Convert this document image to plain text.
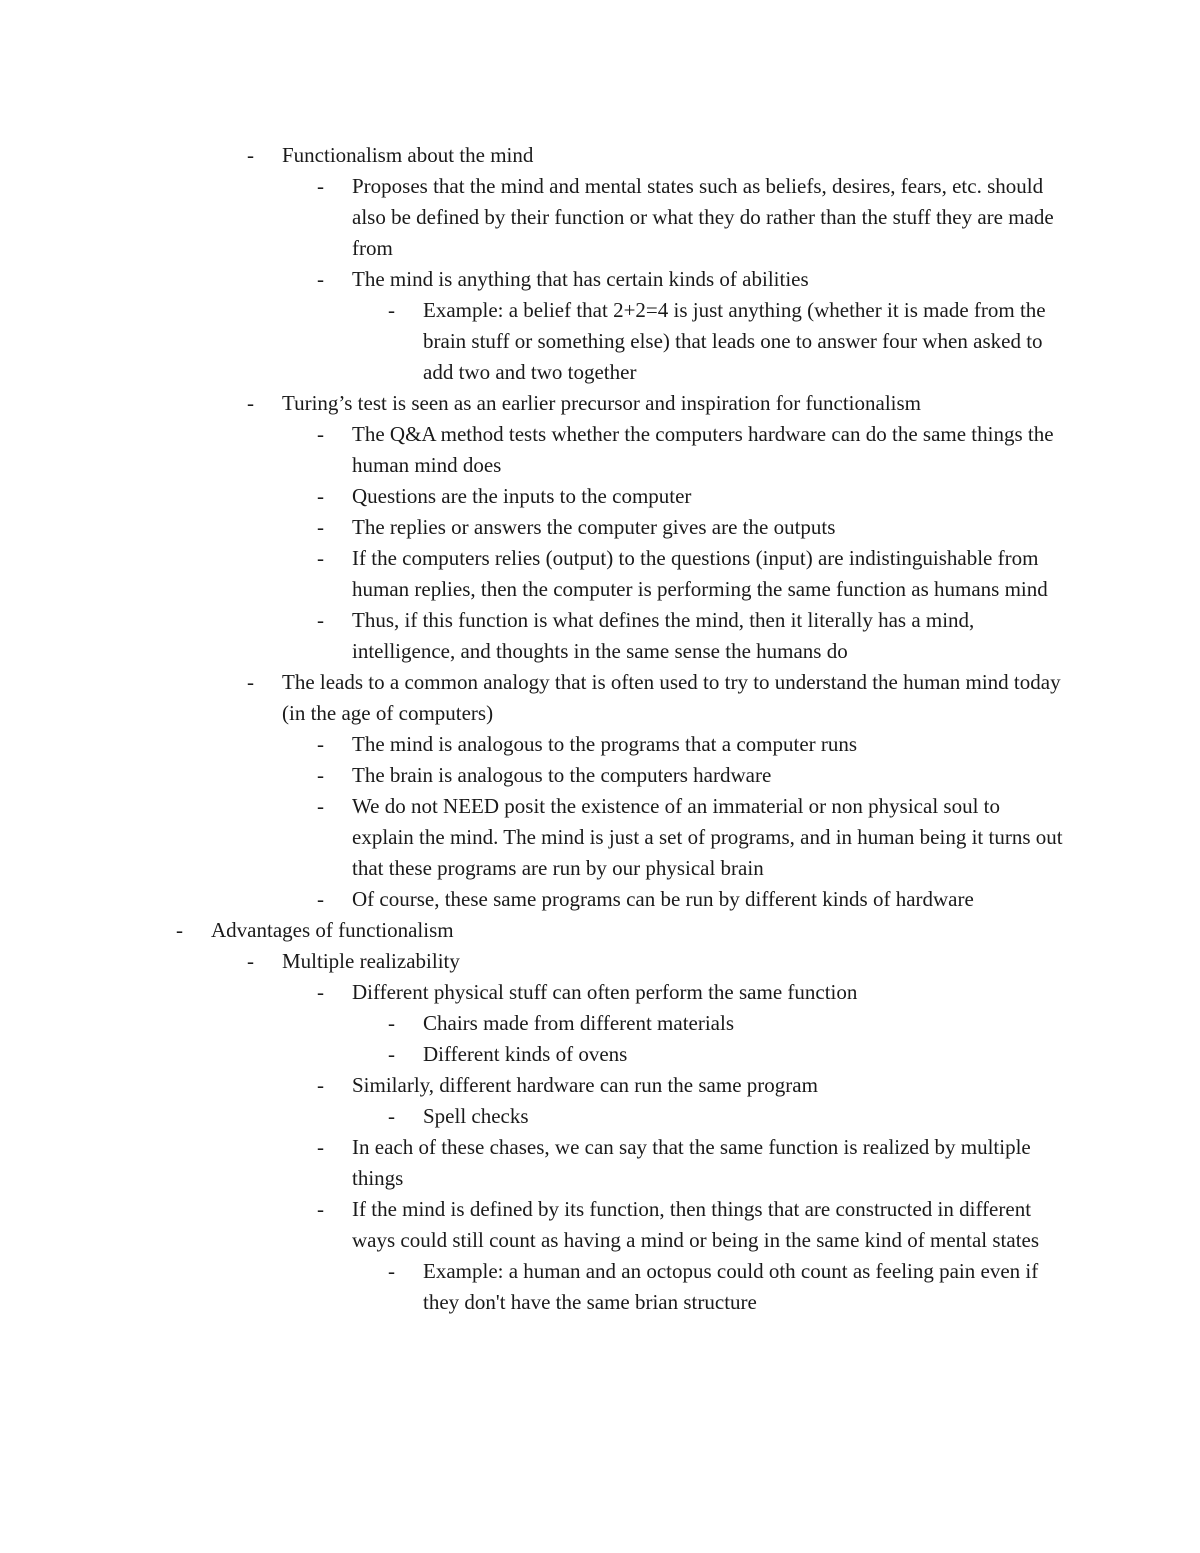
- Functionalism about the mind
- Proposes that the mind and mental states such as beliefs, desires, fears, etc. should also be defined by their function or what they do rather than the stuff they are made from
- The mind is anything that has certain kinds of abilities
- Example: a belief that 2+2=4 is just anything (whether it is made from the brain stuff or something else) that leads one to answer four when asked to add two and two together
- Turing’s test is seen as an earlier precursor and inspiration for functionalism
- The Q&A method tests whether the computers hardware can do the same things the human mind does
- Questions are the inputs to the computer
- The replies or answers the computer gives are the outputs
- If the computers relies (output) to the questions (input) are indistinguishable from human replies, then the computer is performing the same function as humans mind
- Thus, if this function is what defines the mind, then it literally has a mind, intelligence, and thoughts in the same sense the humans do
- The leads to a common analogy that is often used to try to understand the human mind today (in the age of computers)
- The mind is analogous to the programs that a computer runs
- The brain is analogous to the computers hardware
- We do not NEED posit the existence of an immaterial or non physical soul to explain the mind. The mind is just a set of programs, and in human being it turns out that these programs are run by our physical brain
- Of course, these same programs can be run by different kinds of hardware
- Advantages of functionalism
- Multiple realizability
- Different physical stuff can often perform the same function
- Chairs made from different materials
- Different kinds of ovens
- Similarly, different hardware can run the same program
- Spell checks
- In each of these chases, we can say that the same function is realized by multiple things
- If the mind is defined by its function, then things that are constructed in different ways could still count as having a mind or being in the same kind of mental states
- Example: a human and an octopus could oth count as feeling pain even if they don't have the same brian structure
